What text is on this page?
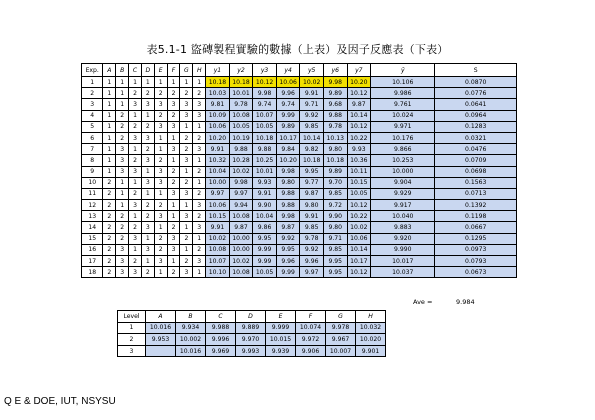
表5.1-1 盜磚製程實驗的數據（上表）及因子反應表（下表）
Exp.	A	B	C	D	E	F	G	H	y1	y2	y3	y4	y5	y6	y7	ȳ	S
1	1	1	1	1	1	1	1	1	10.18	10.18	10.12	10.06	10.02	9.98	10.20	10.106	0.0870
2	1	1	2	2	2	2	2	2	10.03	10.01	9.98	9.96	9.91	9.89	10.12	9.986	0.0776
3	1	1	3	3	3	3	3	3	9.81	9.78	9.74	9.74	9.71	9.68	9.87	9.761	0.0641
4	1	2	1	1	2	2	3	3	10.09	10.08	10.07	9.99	9.92	9.88	10.14	10.024	0.0964
5	1	2	2	2	3	3	1	1	10.06	10.05	10.05	9.89	9.85	9.78	10.12	9.971	0.1283
6	1	2	3	3	1	1	2	2	10.20	10.19	10.18	10.17	10.14	10.13	10.22	10.176	0.0321
7	1	3	1	2	1	3	2	3	9.91	9.88	9.88	9.84	9.82	9.80	9.93	9.866	0.0476
8	1	3	2	3	2	1	3	1	10.32	10.28	10.25	10.20	10.18	10.18	10.36	10.253	0.0709
9	1	3	3	1	3	2	1	2	10.04	10.02	10.01	9.98	9.95	9.89	10.11	10.000	0.0698
10	2	1	1	3	3	2	2	1	10.00	9.98	9.93	9.80	9.77	9.70	10.15	9.904	0.1563
11	2	1	2	1	1	3	3	2	9.97	9.97	9.91	9.88	9.87	9.85	10.05	9.929	0.0713
12	2	1	3	2	2	1	1	3	10.06	9.94	9.90	9.88	9.80	9.72	10.12	9.917	0.1392
13	2	2	1	2	3	1	3	2	10.15	10.08	10.04	9.98	9.91	9.90	10.22	10.040	0.1198
14	2	2	2	3	1	2	1	3	9.91	9.87	9.86	9.87	9.85	9.80	10.02	9.883	0.0667
15	2	2	3	1	2	3	2	1	10.02	10.00	9.95	9.92	9.78	9.71	10.06	9.920	0.1295
16	2	3	1	3	2	3	1	2	10.08	10.00	9.99	9.95	9.92	9.85	10.14	9.990	0.0973
17	2	3	2	1	3	1	2	3	10.07	10.02	9.99	9.96	9.96	9.95	10.17	10.017	0.0793
18	2	3	3	2	1	2	3	1	10.10	10.08	10.05	9.99	9.97	9.95	10.12	10.037	0.0673
Ave =	9.984
Level	A	B	C	D	E	F	G	H
1	10.016	9.934	9.988	9.889	9.999	10.074	9.978	10.032
2	9.953	10.002	9.996	9.970	10.015	9.972	9.967	10.020
3		10.016	9.969	9.993	9.939	9.906	10.007	9.901
Q E & DOE, IUT, NSYSU
